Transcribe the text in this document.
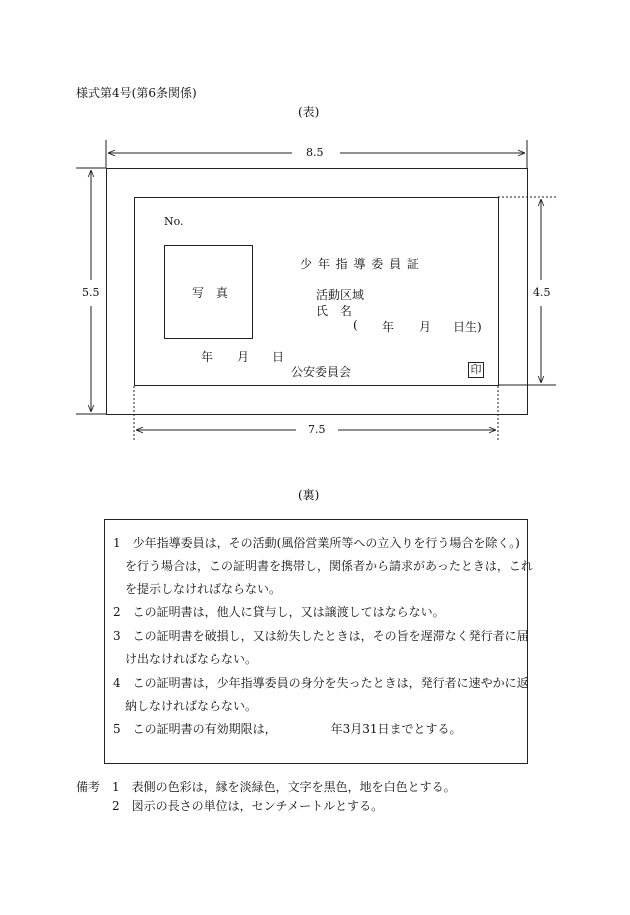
様式第4号(第6条関係)
(表)
8.5
5.5	4.5
7.5
No.
写 真
少 年 指 導 委 員 証
活動区域
氏 名
( 年 月 日生)
年 月 日
公安委員会	印
(裏)
1　少年指導委員は，その活動(風俗営業所等への立入りを行う場合を除く。)
　を行う場合は，この証明書を携帯し，関係者から請求があったときは，これ
　を提示しなければならない。
2　この証明書は，他人に貸与し，又は譲渡してはならない。
3　この証明書を破損し，又は紛失したときは，その旨を遅滞なく発行者に届
　け出なければならない。
4　この証明書は，少年指導委員の身分を失ったときは，発行者に速やかに返
　納しなければならない。
5　この証明書の有効期限は，　　　　　年3月31日までとする。
備考 1　表側の色彩は，縁を淡緑色，文字を黒色，地を白色とする。
2　図示の長さの単位は，センチメートルとする。
